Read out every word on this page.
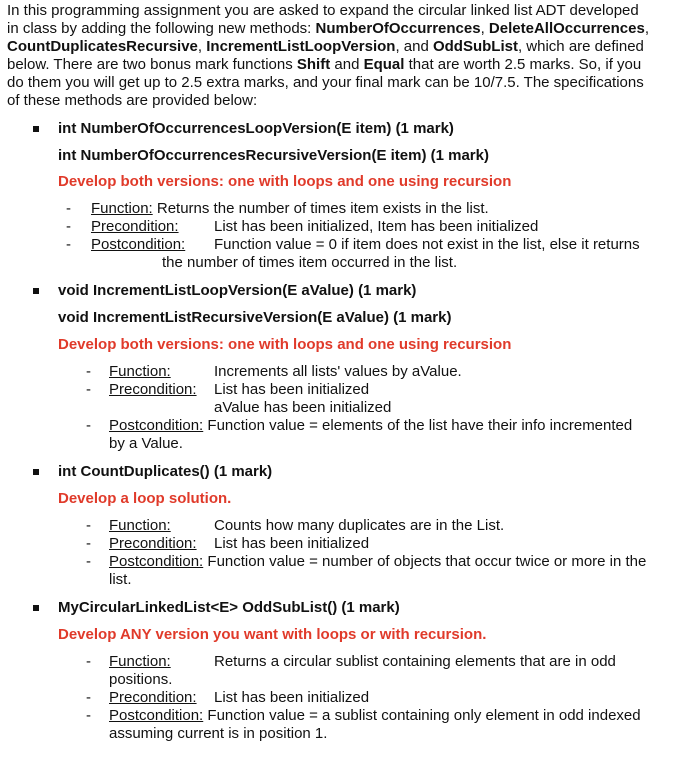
In this programming assignment you are asked to expand the circular linked list ADT developed

in class by adding the following new methods: NumberOfOccurrences, DeleteAllOccurrences,

CountDuplicatesRecursive, IncrementListLoopVersion, and OddSubList, which are defined

below. There are two bonus mark functions Shift and Equal that are worth 2.5 marks. So, if you

do them you will get up to 2.5 extra marks, and your final mark can be 10/7.5. The specifications

of these methods are provided below:

int NumberOfOccurrencesLoopVersion(E item) (1 mark)
int NumberOfOccurrencesRecursiveVersion(E item) (1 mark)
Develop both versions: one with loops and one using recursion
- Function: Returns the number of times item exists in the list.
- Precondition: List has been initialized, Item has been initialized
- Postcondition: Function value = 0 if item does not exist in the list, else it returns
the number of times item occurred in the list.
void IncrementListLoopVersion(E aValue) (1 mark)
void IncrementListRecursiveVersion(E aValue) (1 mark)
Develop both versions: one with loops and one using recursion
- Function:	Increments all lists' values by aValue.
- Precondition: List has been initialized
aValue has been initialized
- Postcondition: Function value = elements of the list have their info incremented
by a Value.
int CountDuplicates() (1 mark)
Develop a loop solution.
- Function:	Counts how many duplicates are in the List.
- Precondition: List has been initialized
- Postcondition: Function value = number of objects that occur twice or more in the
list.
MyCircularLinkedList<E> OddSubList() (1 mark)
Develop ANY version you want with loops or with recursion.
- Function:	Returns a circular sublist containing elements that are in odd
positions.
- Precondition: List has been initialized
- Postcondition: Function value = a sublist containing only element in odd indexed
assuming current is in position 1.
